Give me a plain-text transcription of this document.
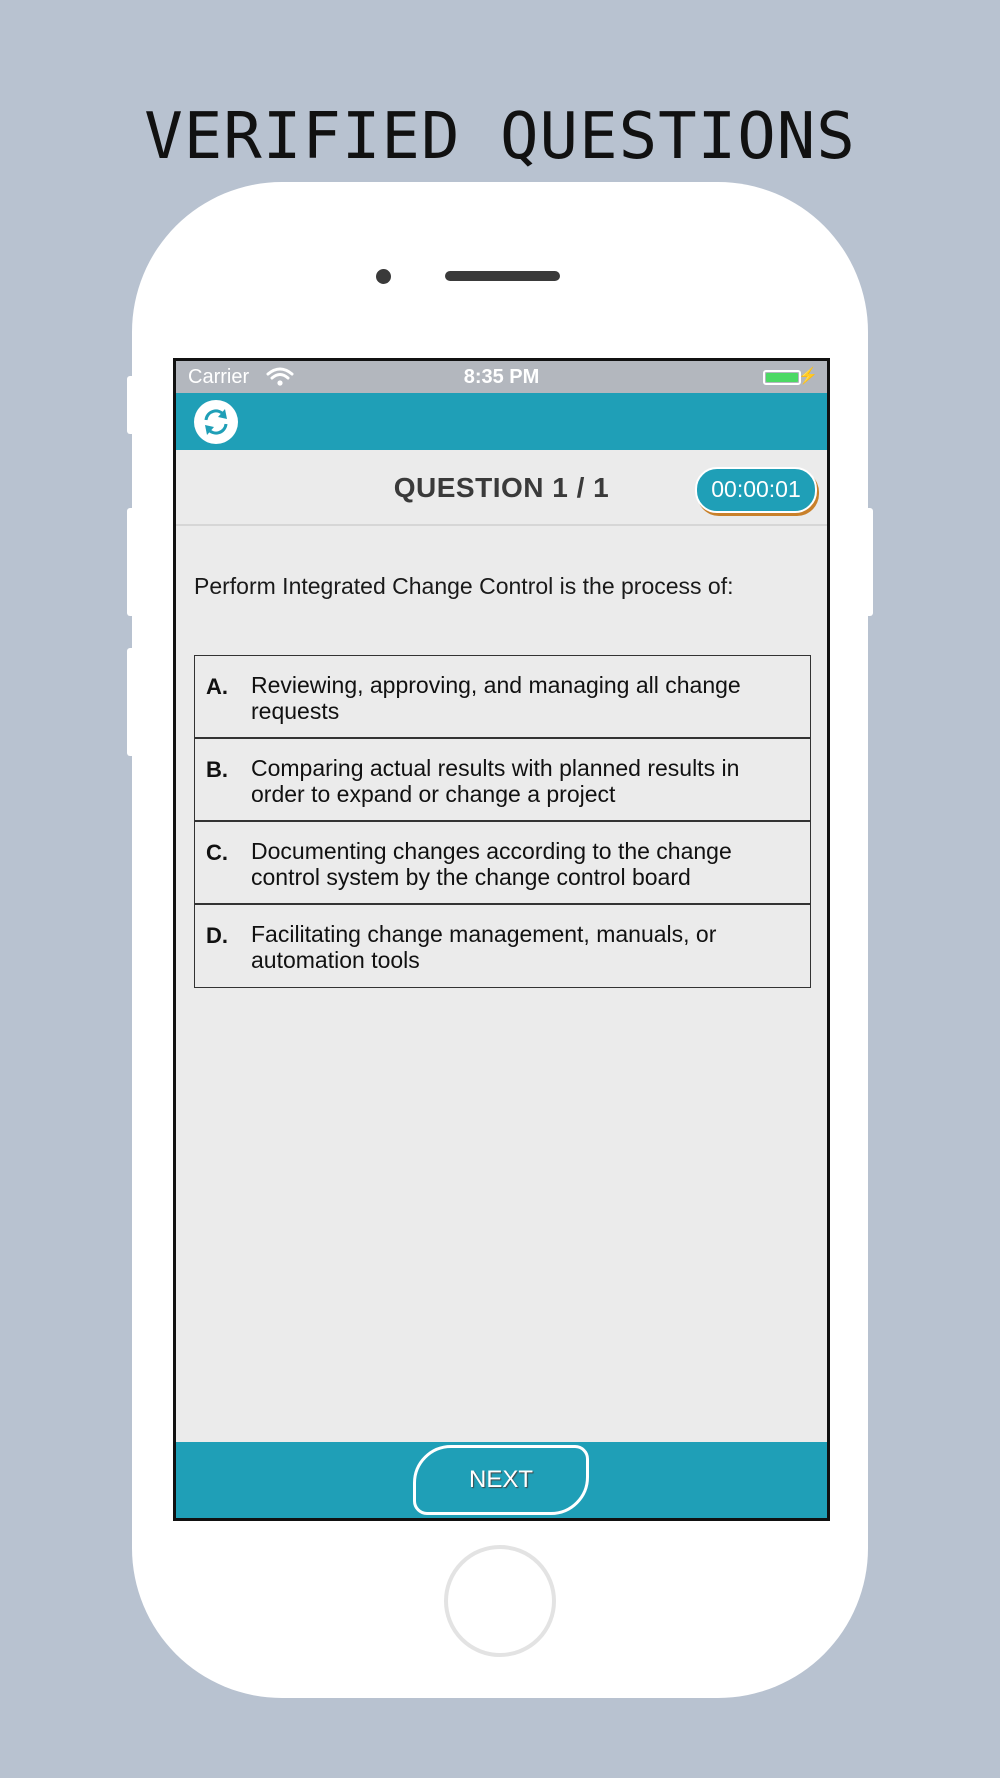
VERIFIED QUESTIONS
Carrier	8:35 PM	⚡
QUESTION 1 / 1	00:00:01
Perform Integrated Change Control is the process of:
A. Reviewing, approving, and managing all change requests
B. Comparing actual results with planned results in order to expand or change a project
C. Documenting changes according to the change control system by the change control board
D. Facilitating change management, manuals, or automation tools
NEXT
